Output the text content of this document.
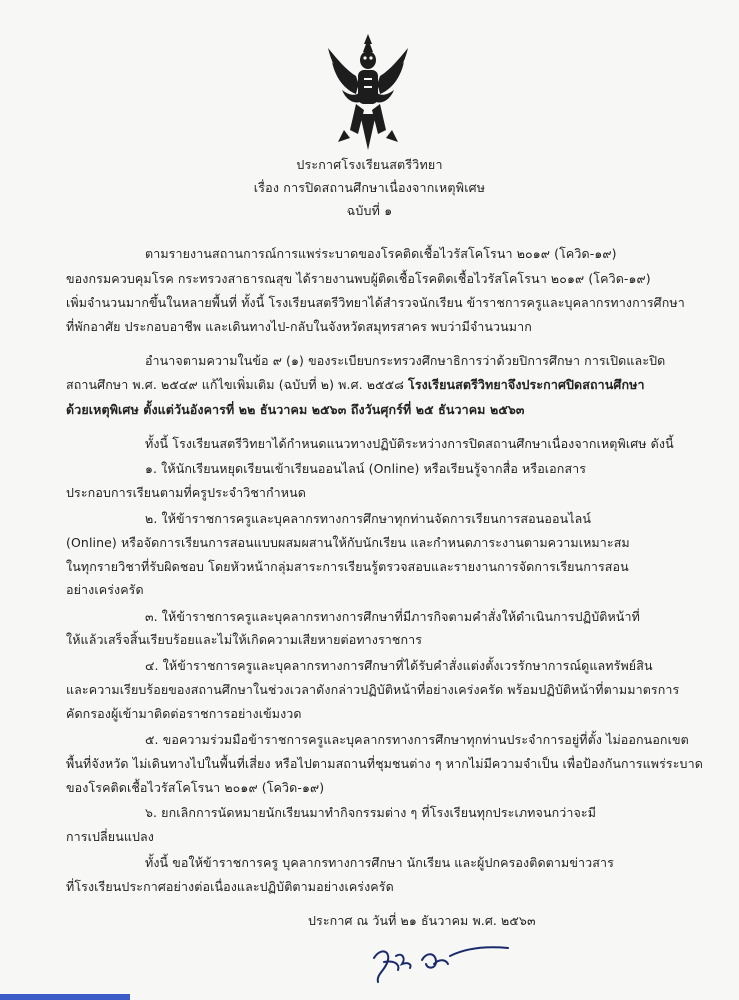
ประกาศโรงเรียนสตรีวิทยา
เรื่อง การปิดสถานศึกษาเนื่องจากเหตุพิเศษ
ฉบับที่ ๑
ตามรายงานสถานการณ์การแพร่ระบาดของโรคติดเชื้อไวรัสโคโรนา ๒๐๑๙ (โควิด-๑๙)
ของกรมควบคุมโรค กระทรวงสาธารณสุข ได้รายงานพบผู้ติดเชื้อโรคติดเชื้อไวรัสโคโรนา ๒๐๑๙ (โควิด-๑๙)
เพิ่มจำนวนมากขึ้นในหลายพื้นที่ ทั้งนี้ โรงเรียนสตรีวิทยาได้สำรวจนักเรียน ข้าราชการครูและบุคลากรทางการศึกษา
ที่พักอาศัย ประกอบอาชีพ และเดินทางไป-กลับในจังหวัดสมุทรสาคร พบว่ามีจำนวนมาก
อำนาจตามความในข้อ ๙ (๑) ของระเบียบกระทรวงศึกษาธิการว่าด้วยปิการศึกษา การเปิดและปิด
สถานศึกษา พ.ศ. ๒๕๔๙ แก้ไขเพิ่มเติม (ฉบับที่ ๒) พ.ศ. ๒๕๕๘ โรงเรียนสตรีวิทยาจึงประกาศปิดสถานศึกษา
ด้วยเหตุพิเศษ ตั้งแต่วันอังคารที่ ๒๒ ธันวาคม ๒๕๖๓ ถึงวันศุกร์ที่ ๒๕ ธันวาคม ๒๕๖๓
ทั้งนี้ โรงเรียนสตรีวิทยาได้กำหนดแนวทางปฏิบัติระหว่างการปิดสถานศึกษาเนื่องจากเหตุพิเศษ ดังนี้
๑. ให้นักเรียนหยุดเรียนเข้าเรียนออนไลน์ (Online) หรือเรียนรู้จากสื่อ หรือเอกสาร
ประกอบการเรียนตามที่ครูประจำวิชากำหนด
๒. ให้ข้าราชการครูและบุคลากรทางการศึกษาทุกท่านจัดการเรียนการสอนออนไลน์
(Online) หรือจัดการเรียนการสอนแบบผสมผสานให้กับนักเรียน และกำหนดภาระงานตามความเหมาะสม
ในทุกรายวิชาที่รับผิดชอบ โดยหัวหน้ากลุ่มสาระการเรียนรู้ตรวจสอบและรายงานการจัดการเรียนการสอน
อย่างเคร่งครัด
๓. ให้ข้าราชการครูและบุคลากรทางการศึกษาที่มีภารกิจตามคำสั่งให้ดำเนินการปฏิบัติหน้าที่
ให้แล้วเสร็จสิ้นเรียบร้อยและไม่ให้เกิดความเสียหายต่อทางราชการ
๔. ให้ข้าราชการครูและบุคลากรทางการศึกษาที่ได้รับคำสั่งแต่งตั้งเวรรักษาการณ์ดูแลทรัพย์สิน
และความเรียบร้อยของสถานศึกษาในช่วงเวลาดังกล่าวปฏิบัติหน้าที่อย่างเคร่งครัด พร้อมปฏิบัติหน้าที่ตามมาตรการ
คัดกรองผู้เข้ามาติดต่อราชการอย่างเข้มงวด
๕. ขอความร่วมมือข้าราชการครูและบุคลากรทางการศึกษาทุกท่านประจำการอยู่ที่ตั้ง ไม่ออกนอกเขต
พื้นที่จังหวัด ไม่เดินทางไปในพื้นที่เสี่ยง หรือไปตามสถานที่ชุมชนต่าง ๆ หากไม่มีความจำเป็น เพื่อป้องกันการแพร่ระบาด
ของโรคติดเชื้อไวรัสโคโรนา ๒๐๑๙ (โควิด-๑๙)
๖. ยกเลิกการนัดหมายนักเรียนมาทำกิจกรรมต่าง ๆ ที่โรงเรียนทุกประเภทจนกว่าจะมี
การเปลี่ยนแปลง
ทั้งนี้ ขอให้ข้าราชการครู บุคลากรทางการศึกษา นักเรียน และผู้ปกครองติดตามข่าวสาร
ที่โรงเรียนประกาศอย่างต่อเนื่องและปฏิบัติตามอย่างเคร่งครัด
ประกาศ ณ วันที่ ๒๑ ธันวาคม พ.ศ. ๒๕๖๓
